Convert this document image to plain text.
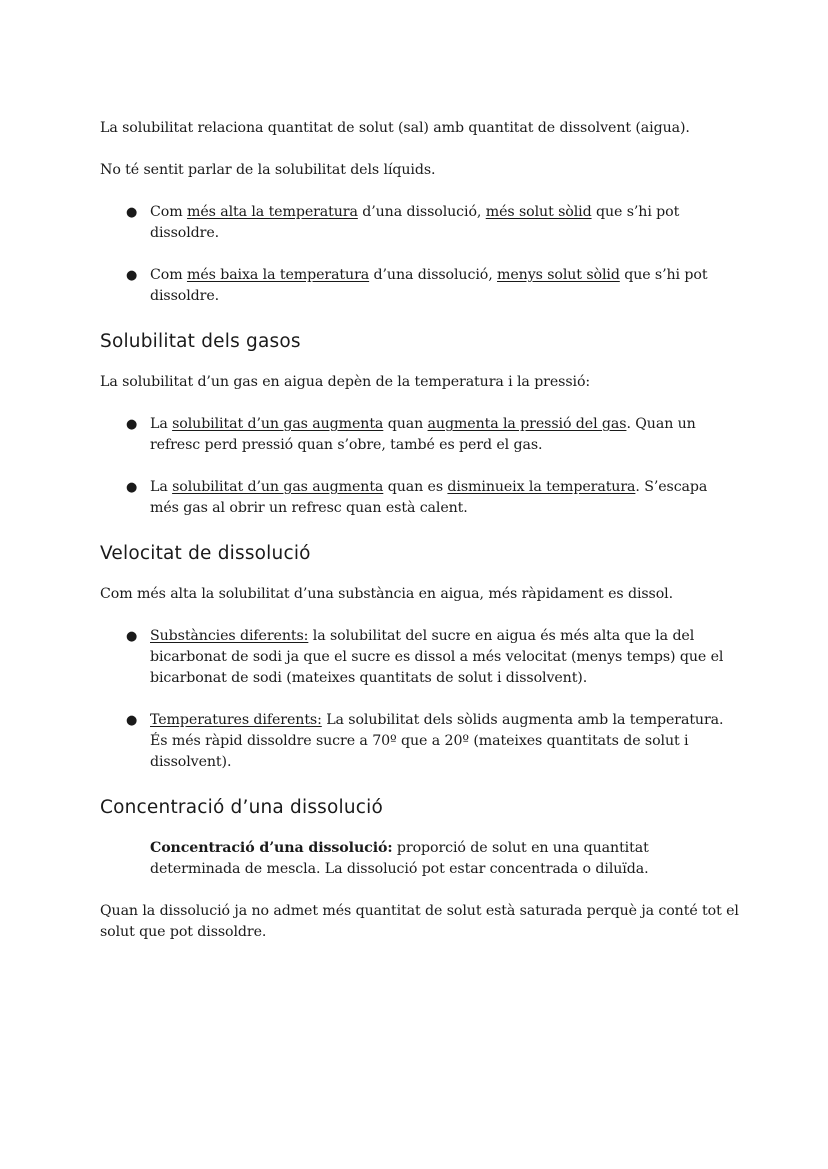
La solubilitat relaciona quantitat de solut (sal) amb quantitat de dissolvent (aigua).

No té sentit parlar de la solubilitat dels líquids.

● Com més alta la temperatura d’una dissolució, més solut sòlid que s’hi pot dissoldre.
● Com més baixa la temperatura d’una dissolució, menys solut sòlid que s’hi pot dissoldre.
Solubilitat dels gasos

La solubilitat d’un gas en aigua depèn de la temperatura i la pressió:

● La solubilitat d’un gas augmenta quan augmenta la pressió del gas. Quan un refresc perd pressió quan s’obre, també es perd el gas.
● La solubilitat d’un gas augmenta quan es disminueix la temperatura. S’escapa més gas al obrir un refresc quan està calent.
Velocitat de dissolució

Com més alta la solubilitat d’una substància en aigua, més ràpidament es dissol.

● Substàncies diferents: la solubilitat del sucre en aigua és més alta que la del bicarbonat de sodi ja que el sucre es dissol a més velocitat (menys temps) que el bicarbonat de sodi (mateixes quantitats de solut i dissolvent).
● Temperatures diferents: La solubilitat dels sòlids augmenta amb la temperatura. És més ràpid dissoldre sucre a 70º que a 20º (mateixes quantitats de solut i dissolvent).
Concentració d’una dissolució

Concentració d’una dissolució: proporció de solut en una quantitat determinada de mescla. La dissolució pot estar concentrada o diluïda.

Quan la dissolució ja no admet més quantitat de solut està saturada perquè ja conté tot el solut que pot dissoldre.
